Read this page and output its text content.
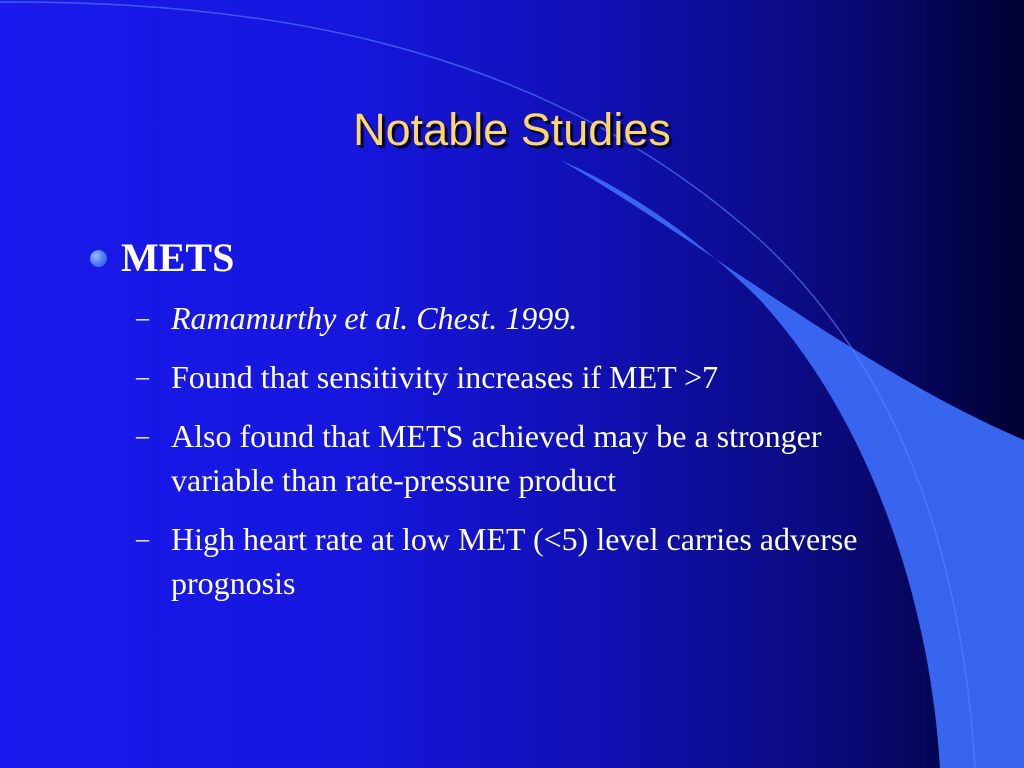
Notable Studies
METS
– Ramamurthy et al. Chest. 1999.
– Found that sensitivity increases if MET >7
– Also found that METS achieved may be a stronger variable than rate-pressure product
– High heart rate at low MET (<5) level carries adverse prognosis
